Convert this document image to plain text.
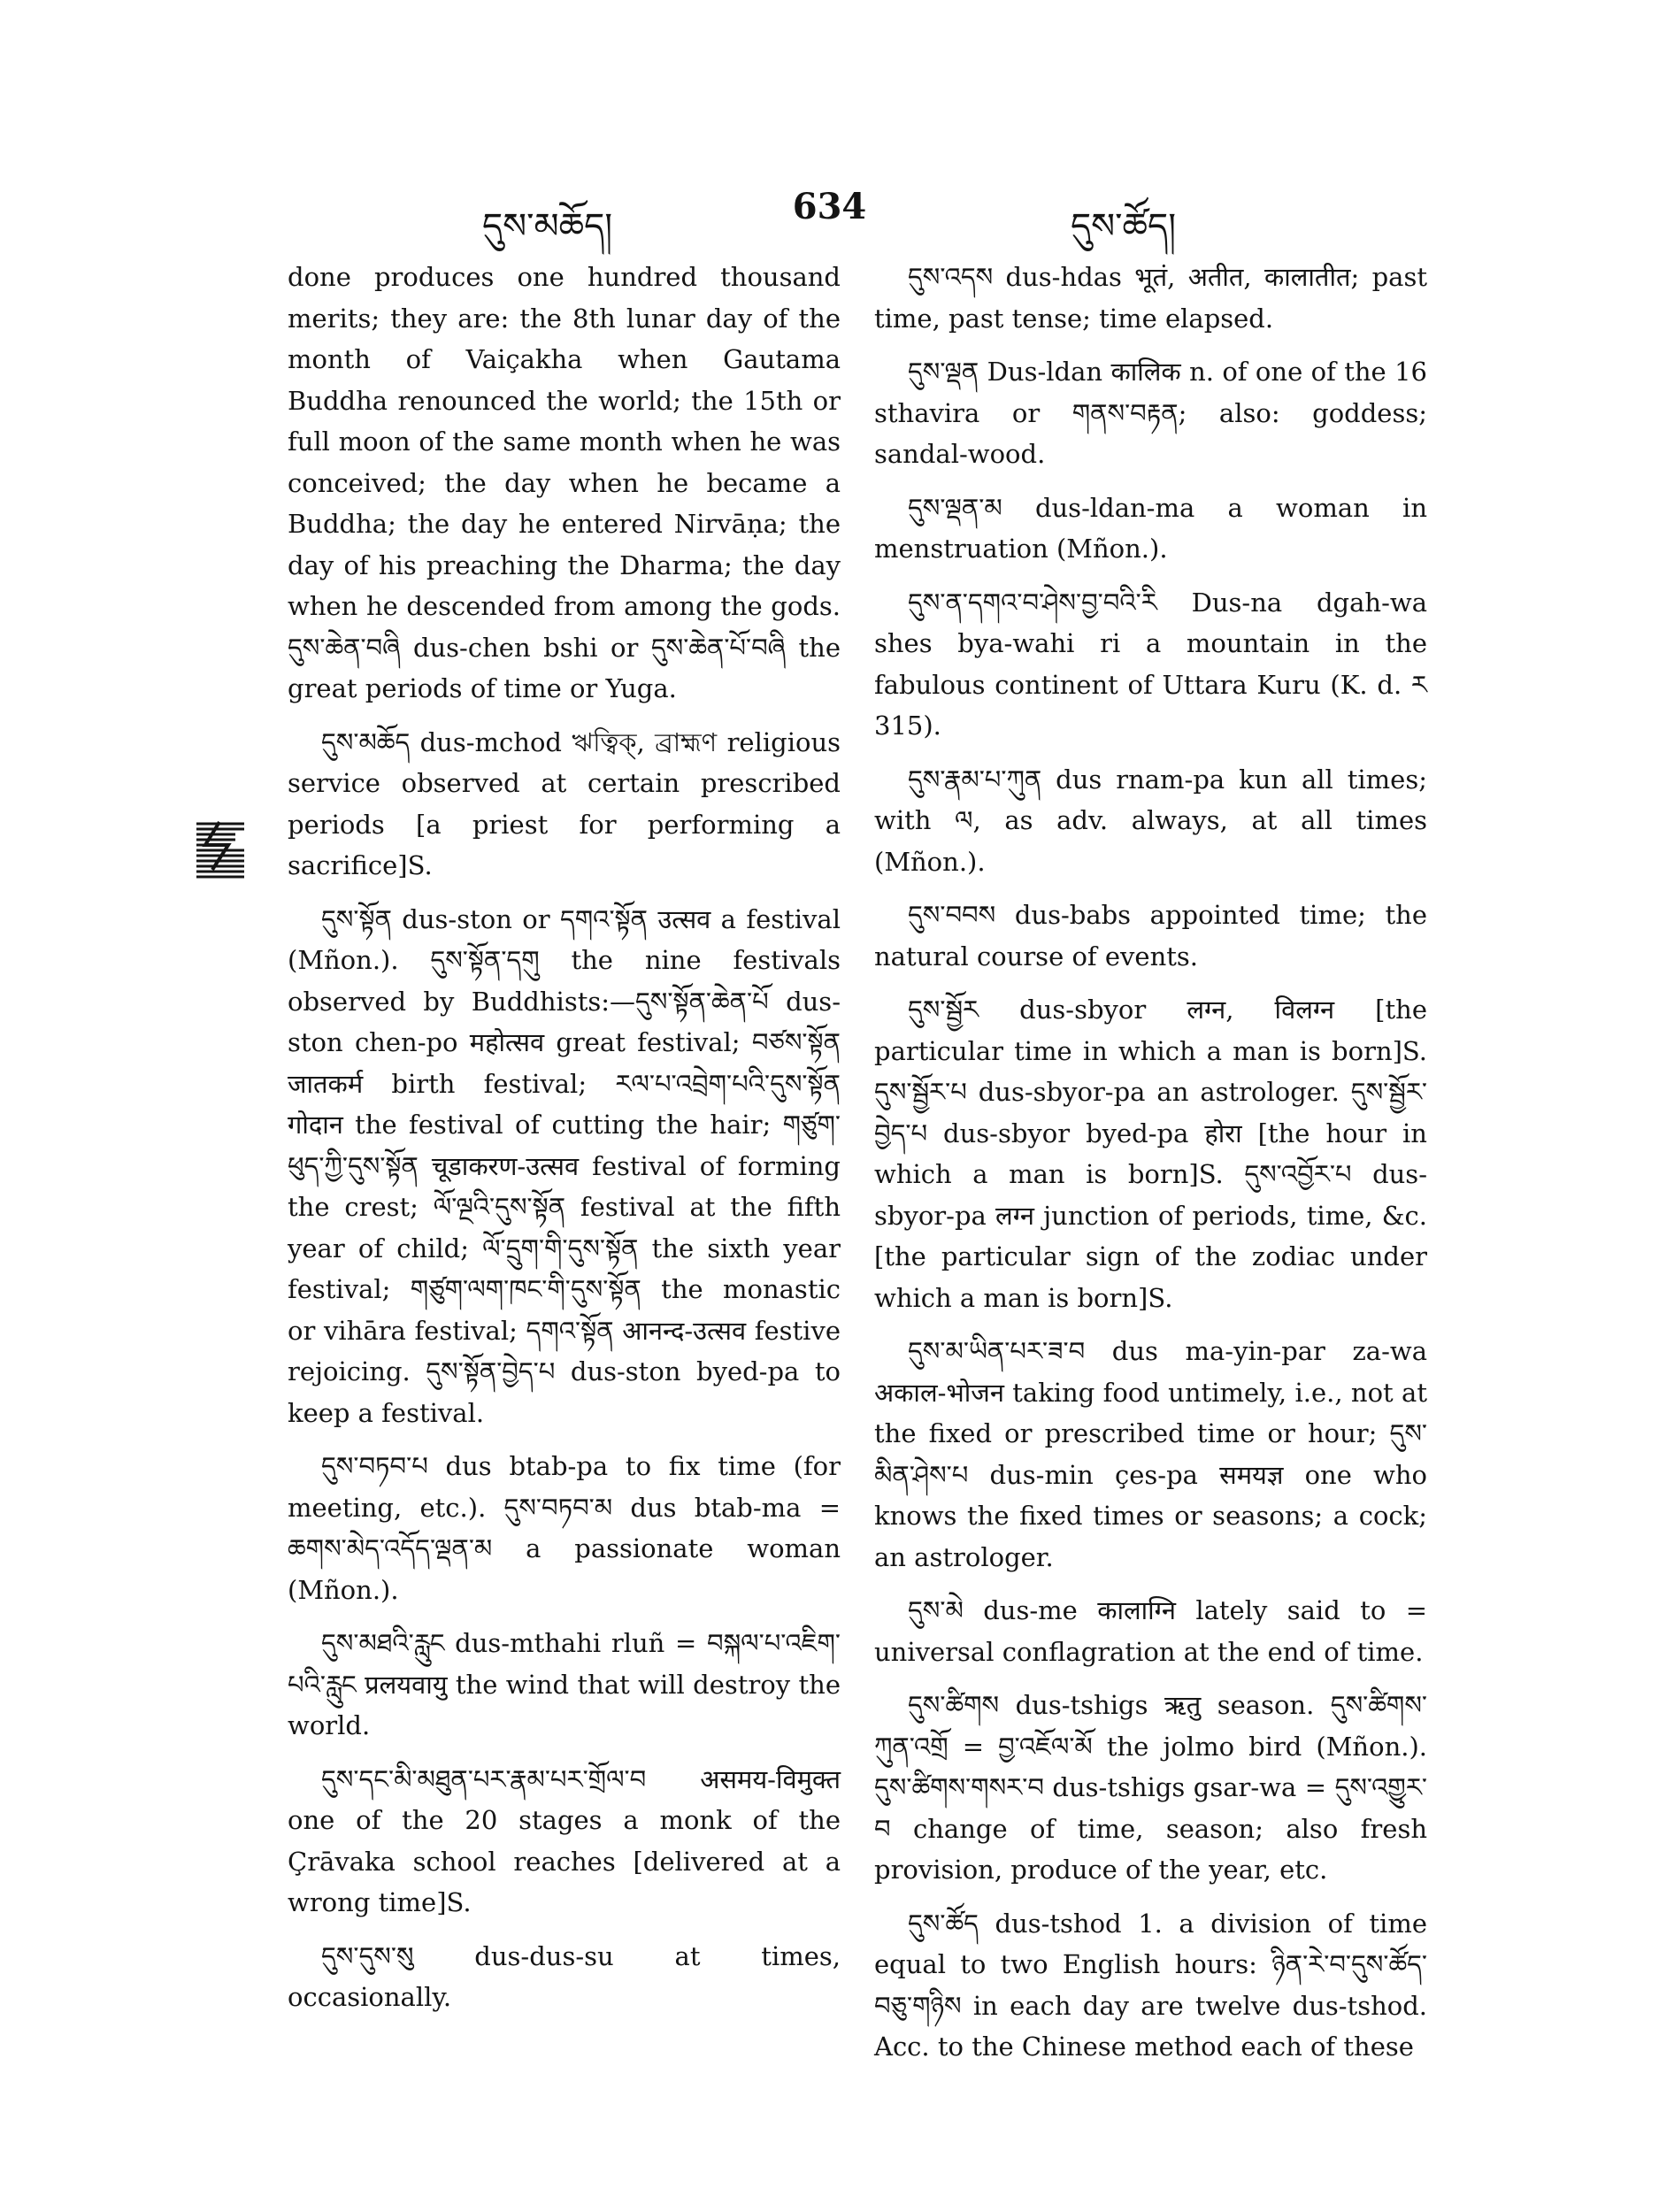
དུས་མཆོད།	634	དུས་ཚོད།

done produces one hundred thousand merits; they are: the 8th lunar day of the month of Vaiçakha when Gautama Buddha renounced the world; the 15th or full moon of the same month when he was conceived; the day when he became a Buddha; the day he entered Nirvāṇa; the day of his preaching the Dharma; the day when he descended from among the gods. དུས་ཆེན་བཞི dus-chen bshi or དུས་ཆེན་པོ་བཞི the great periods of time or Yuga.

དུས་མཆོད dus-mchod ঋত্বিক্, ব্রাহ্মণ religious service observed at certain prescribed periods [a priest for performing a sacrifice]S.

དུས་སྟོན dus-ston or དགའ་སྟོན उत्सव a festival (Mñon.). དུས་སྟོན་དགུ the nine festivals observed by Buddhists:—དུས་སྟོན་ཆེན་པོ dus-ston chen-po महोत्सव great festival; བཙས་སྟོན जातकर्म birth festival; རལ་པ་འབྲེག་པའི་དུས་སྟོན गोदान the festival of cutting the hair; གཙུག་ཕུད་ཀྱི་དུས་སྟོན चूडाकरण-उत्सव festival of forming the crest; ལོ་ལྔའི་དུས་སྟོན festival at the fifth year of child; ལོ་དྲུག་གི་དུས་སྟོན the sixth year festival; གཙུག་ལག་ཁང་གི་དུས་སྟོན the monastic or vihāra festival; དགའ་སྟོན आनन्द-उत्सव festive rejoicing. དུས་སྟོན་བྱེད་པ dus-ston byed-pa to keep a festival.

དུས་བཏབ་པ dus btab-pa to fix time (for meeting, etc.). དུས་བཏབ་མ dus btab-ma = ཆགས་མེད་འདོད་ལྡན་མ a passionate woman (Mñon.).

དུས་མཐའི་རླུང dus-mthahi rluñ = བསྐལ་པ་འཇིག་པའི་རླུང प्रलयवायु the wind that will destroy the world.

དུས་དང་མི་མཐུན་པར་རྣམ་པར་གྲོལ་བ असमय-विमुक्त one of the 20 stages a monk of the Çrāvaka school reaches [delivered at a wrong time]S.

དུས་དུས་སུ dus-dus-su at times, occasionally.

དུས་འདས dus-hdas भूतं, अतीत, कालातीत; past time, past tense; time elapsed.

དུས་ལྡན Dus-ldan कालिक n. of one of the 16 sthavira or གནས་བརྟན; also: goddess; sandal-wood.

དུས་ལྡན་མ dus-ldan-ma a woman in menstruation (Mñon.).

དུས་ན་དགའ་བ་ཤེས་བྱ་བའི་རི Dus-na dgah-wa shes bya-wahi ri a mountain in the fabulous continent of Uttara Kuru (K. d. ར 315).

དུས་རྣམ་པ་ཀུན dus rnam-pa kun all times; with ལ, as adv. always, at all times (Mñon.).

དུས་བབས dus-babs appointed time; the natural course of events.

དུས་སྦྱོར dus-sbyor लग्न, विलग्न [the particular time in which a man is born]S. དུས་སྦྱོར་པ dus-sbyor-pa an astrologer. དུས་སྦྱོར་བྱེད་པ dus-sbyor byed-pa होरा [the hour in which a man is born]S. དུས་འབྱོར་པ dus-sbyor-pa लग्न junction of periods, time, &c. [the particular sign of the zodiac under which a man is born]S.

དུས་མ་ཡིན་པར་ཟ་བ dus ma-yin-par za-wa अकाल-भोजन taking food untimely, i.e., not at the fixed or prescribed time or hour; དུས་མིན་ཤེས་པ dus-min çes-pa समयज्ञ one who knows the fixed times or seasons; a cock; an astrologer.

དུས་མེ dus-me कालाग्नि lately said to = universal conflagration at the end of time.

དུས་ཚིགས dus-tshigs ऋतु season. དུས་ཚིགས་ཀུན་འགྲོ = བྱ་འཇོལ་མོ the jolmo bird (Mñon.). དུས་ཚིགས་གསར་བ dus-tshigs gsar-wa = དུས་འགྱུར་བ change of time, season; also fresh provision, produce of the year, etc.

དུས་ཚོད dus-tshod 1. a division of time equal to two English hours: ཉིན་རེ་བ་དུས་ཚོད་བཅུ་གཉིས in each day are twelve dus-tshod. Acc. to the Chinese method each of these
